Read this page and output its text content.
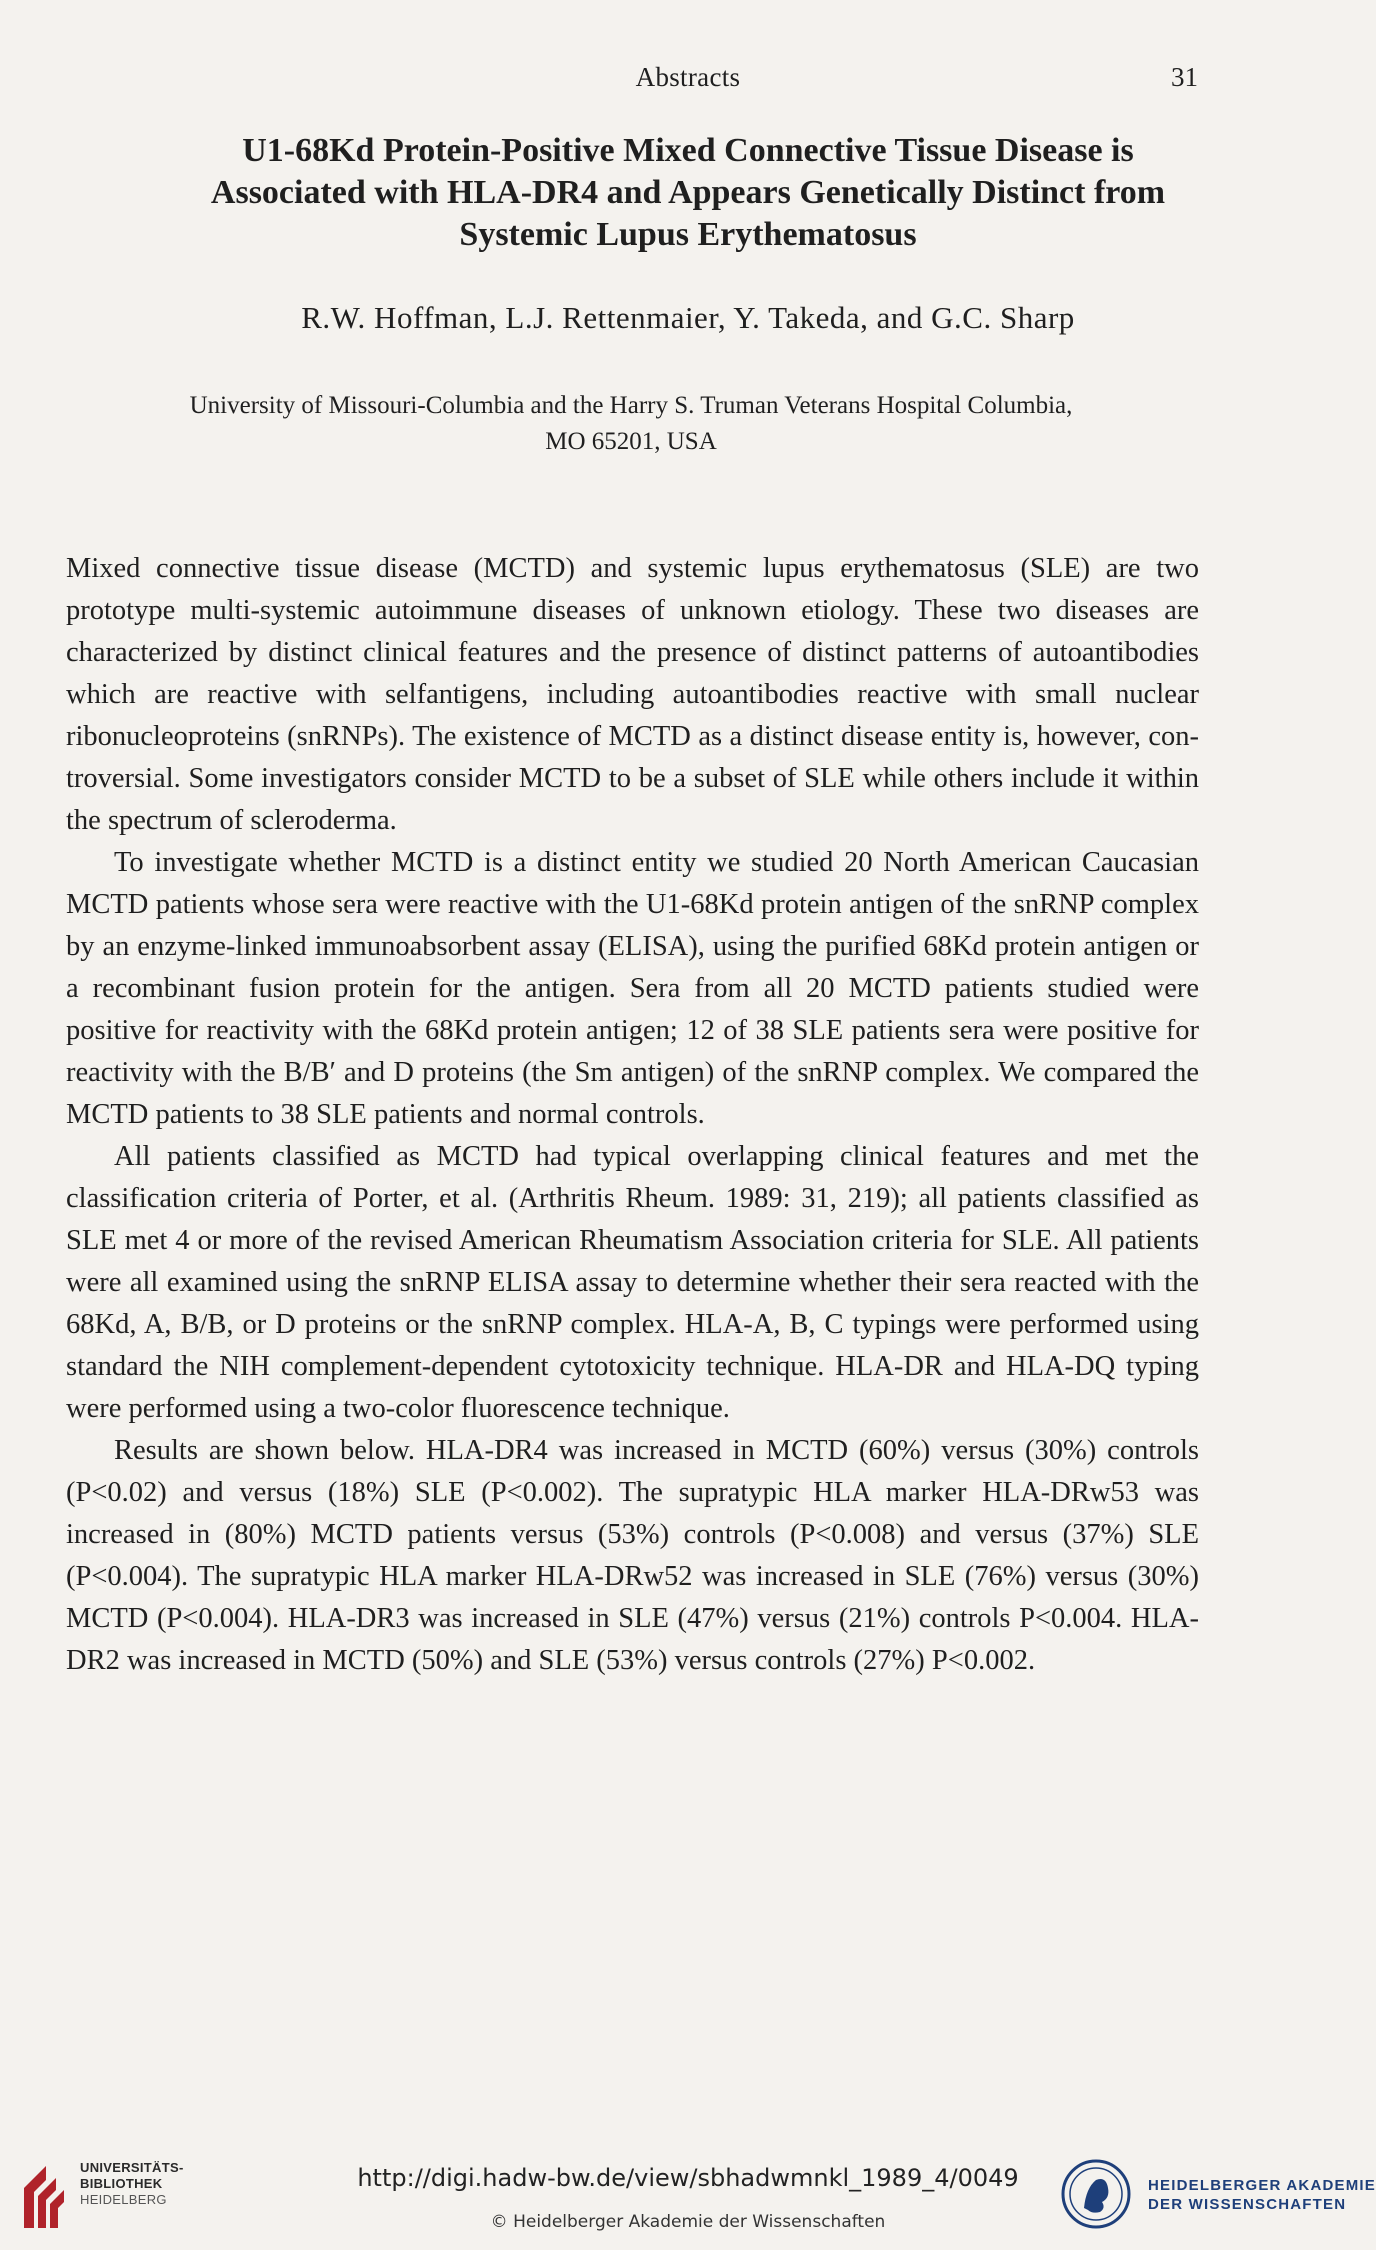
Abstracts	31
U1-68Kd Protein-Positive Mixed Connective Tissue Disease is
Associated with HLA-DR4 and Appears Genetically Distinct from
Systemic Lupus Erythematosus
R.W. Hoffman, L.J. Rettenmaier, Y. Takeda, and G.C. Sharp
University of Missouri-Columbia and the Harry S. Truman Veterans Hospital Columbia,
MO 65201, USA

Mixed connective tissue disease (MCTD) and systemic lupus erythematosus (SLE) are two prototype multi-systemic autoimmune diseases of unknown etiology. These two diseases are characterized by distinct clinical features and the presence of distinct patterns of autoantibodies which are reactive with selfantigens, including autoantibodies reactive with small nuclear ribonucleoproteins (snRNPs). The existence of MCTD as a distinct disease entity is, however, controversial. Some investigators consider MCTD to be a subset of SLE while others include it within the spectrum of scleroderma.

To investigate whether MCTD is a distinct entity we studied 20 North American Caucasian MCTD patients whose sera were reactive with the U1-68Kd protein antigen of the snRNP complex by an enzyme-linked immunoabsorbent assay (ELISA), using the purified 68Kd protein antigen or a recombinant fusion protein for the antigen. Sera from all 20 MCTD patients studied were positive for reactivity with the 68Kd protein antigen; 12 of 38 SLE patients sera were positive for reactivity with the B/B′ and D proteins (the Sm antigen) of the snRNP complex. We compared the MCTD patients to 38 SLE patients and normal controls.

All patients classified as MCTD had typical overlapping clinical features and met the classification criteria of Porter, et al. (Arthritis Rheum. 1989: 31, 219); all patients classified as SLE met 4 or more of the revised American Rheumatism Association criteria for SLE. All patients were all examined using the snRNP ELISA assay to determine whether their sera reacted with the 68Kd, A, B/B, or D proteins or the snRNP complex. HLA-A, B, C typings were performed using standard the NIH complement-dependent cytotoxicity technique. HLA-DR and HLA-DQ typing were performed using a two-color fluorescence technique.

Results are shown below. HLA-DR4 was increased in MCTD (60%) versus (30%) controls (P<0.02) and versus (18%) SLE (P<0.002). The supratypic HLA marker HLA-DRw53 was increased in (80%) MCTD patients versus (53%) controls (P<0.008) and versus (37%) SLE (P<0.004). The supratypic HLA marker HLA-DRw52 was increased in SLE (76%) versus (30%) MCTD (P<0.004). HLA-DR3 was increased in SLE (47%) versus (21%) controls P<0.004. HLA-DR2 was increased in MCTD (50%) and SLE (53%) versus controls (27%) P<0.002.

UNIVERSITÄTS-
BIBLIOTHEK
HEIDELBERG
http://digi.hadw-bw.de/view/sbhadwmnkl_1989_4/0049
© Heidelberger Akademie der Wissenschaften
HEIDELBERGER AKADEMIE
DER WISSENSCHAFTEN
